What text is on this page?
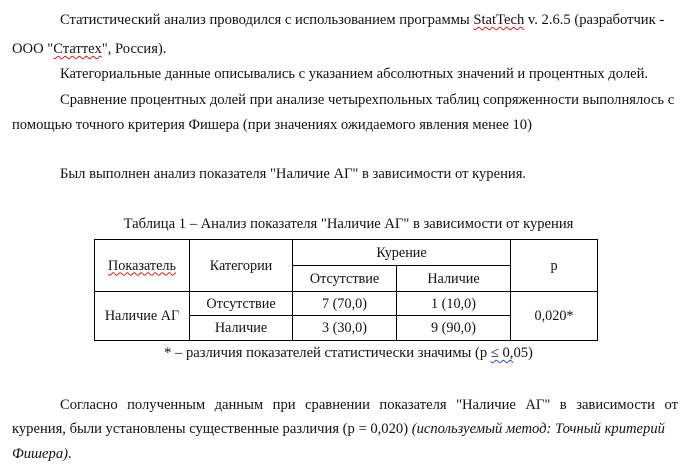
Статистический анализ проводился с использованием программы StatTech v. 2.6.5 (разработчик -
ООО "Статтех", Россия).
Категориальные данные описывались с указанием абсолютных значений и процентных долей.
Сравнение процентных долей при анализе четырехпольных таблиц сопряженности выполнялось с
помощью точного критерия Фишера (при значениях ожидаемого явления менее 10)
Был выполнен анализ показателя "Наличие АГ" в зависимости от курения.
Таблица 1 – Анализ показателя "Наличие АГ" в зависимости от курения
Показатель	Категории	Курение		p
		Отсутствие	Наличие	
Наличие АГ	Отсутствие	7 (70,0)	1 (10,0)	0,020*
	Наличие	3 (30,0)	9 (90,0)	
* – различия показателей статистически значимы (p ≤ 0,05)
Согласно полученным данным при сравнении показателя "Наличие АГ" в зависимости от
курения, были установлены существенные различия (p = 0,020) (используемый метод: Точный критерий
Фишера).
